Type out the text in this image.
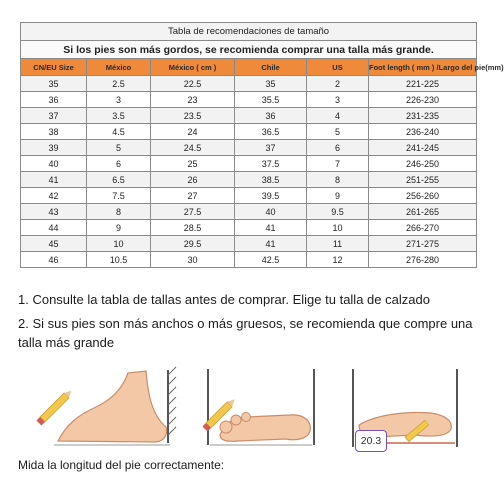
Tabla de recomendaciones de tamaño					
Si los pies son más gordos, se recomienda comprar una talla más grande.					
CN/EU Size	México	México ( cm )	Chile	US	Foot length ( mm ) /Largo del pie(mm)
35	2.5	22.5	35	2	221-225
36	3	23	35.5	3	226-230
37	3.5	23.5	36	4	231-235
38	4.5	24	36.5	5	236-240
39	5	24.5	37	6	241-245
40	6	25	37.5	7	246-250
41	6.5	26	38.5	8	251-255
42	7.5	27	39.5	9	256-260
43	8	27.5	40	9.5	261-265
44	9	28.5	41	10	266-270
45	10	29.5	41	11	271-275
46	10.5	30	42.5	12	276-280
1. Consulte la tabla de tallas antes de comprar. Elige tu talla de calzado
2. Si sus pies son más anchos o más gruesos, se recomienda que compre una
talla más grande
20.3
Mida la longitud del pie correctamente:
